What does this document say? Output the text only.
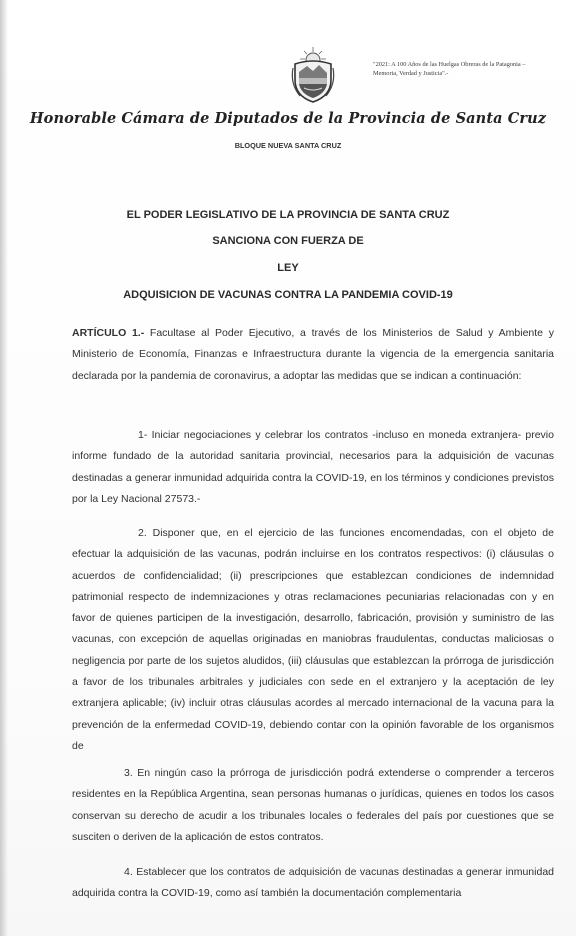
"2021: A 100 Años de las Huelgas Obreras de la Patagonia – Memoria, Verdad y Justicia".-
Honorable Cámara de Diputados de la Provincia de Santa Cruz
BLOQUE NUEVA SANTA CRUZ
EL PODER LEGISLATIVO DE LA PROVINCIA DE SANTA CRUZ
SANCIONA CON FUERZA DE
LEY
ADQUISICION DE VACUNAS CONTRA LA PANDEMIA COVID-19
ARTÍCULO 1.- Facultase al Poder Ejecutivo, a través de los Ministerios de Salud y Ambiente y Ministerio de Economía, Finanzas e Infraestructura durante la vigencia de la emergencia sanitaria declarada por la pandemia de coronavirus, a adoptar las medidas que se indican a continuación:
1- Iniciar negociaciones y celebrar los contratos -incluso en moneda extranjera- previo informe fundado de la autoridad sanitaria provincial, necesarios para la adquisición de vacunas destinadas a generar inmunidad adquirida contra la COVID-19, en los términos y condiciones previstos por la Ley Nacional 27573.-
2. Disponer que, en el ejercicio de las funciones encomendadas, con el objeto de efectuar la adquisición de las vacunas, podrán incluirse en los contratos respectivos: (i) cláusulas o acuerdos de confidencialidad; (ii) prescripciones que establezcan condiciones de indemnidad patrimonial respecto de indemnizaciones y otras reclamaciones pecuniarias relacionadas con y en favor de quienes participen de la investigación, desarrollo, fabricación, provisión y suministro de las vacunas, con excepción de aquellas originadas en maniobras fraudulentas, conductas maliciosas o negligencia por parte de los sujetos aludidos, (iii) cláusulas que establezcan la prórroga de jurisdicción a favor de los tribunales arbitrales y judiciales con sede en el extranjero y la aceptación de ley extranjera aplicable; (iv) incluir otras cláusulas acordes al mercado internacional de la vacuna para la prevención de la enfermedad COVID-19, debiendo contar con la opinión favorable de los organismos de
3. En ningún caso la prórroga de jurisdicción podrá extenderse o comprender a terceros residentes en la República Argentina, sean personas humanas o jurídicas, quienes en todos los casos conservan su derecho de acudir a los tribunales locales o federales del país por cuestiones que se susciten o deriven de la aplicación de estos contratos.
4. Establecer que los contratos de adquisición de vacunas destinadas a generar inmunidad adquirida contra la COVID-19, como así también la documentación complementaria
